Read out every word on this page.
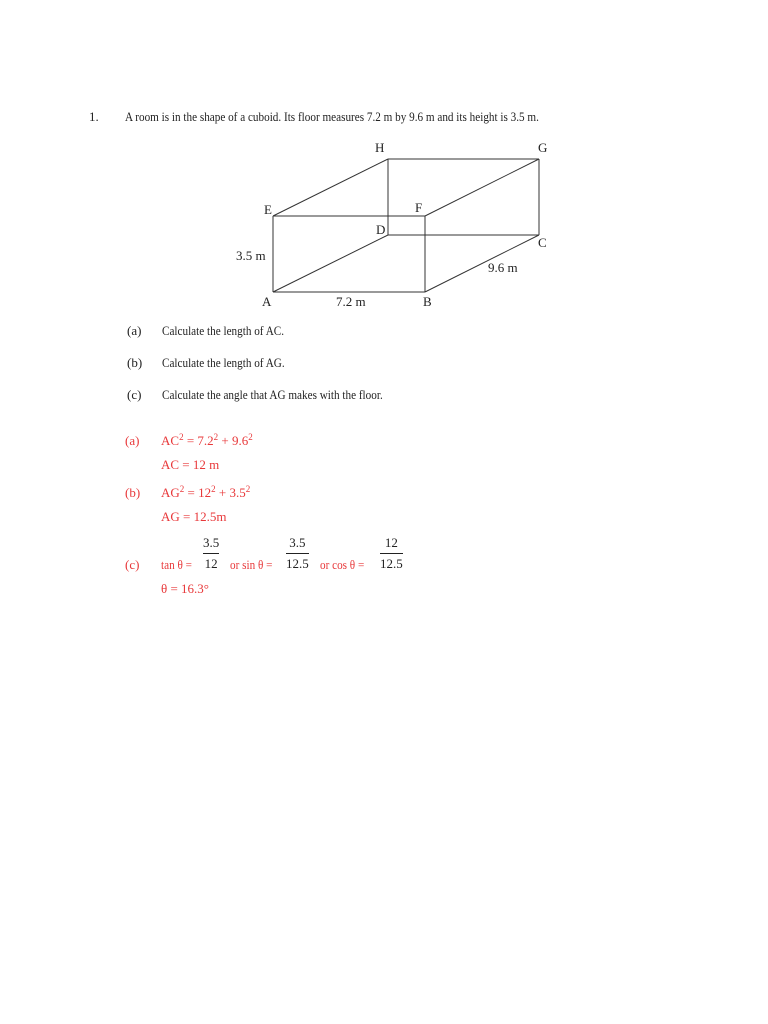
1. A room is in the shape of a cuboid. Its floor measures 7.2 m by 9.6 m and its height is 3.5 m.
H	G
E	F
D
C
A	B
3.5 m
7.2 m
9.6 m
(a) Calculate the length of AC.
(b) Calculate the length of AG.
(c) Calculate the angle that AG makes with the floor.
(a) $AC^2 = 7.2^2 + 9.6^2$
AC = 12 m
(b) $AG^2 = 12^2 + 3.5^2$
AG = 12.5m
(c) tan θ =
3.5
12 or sin θ =
3.5
12.5 or cos θ =
12
12.5
θ = 16.3°
